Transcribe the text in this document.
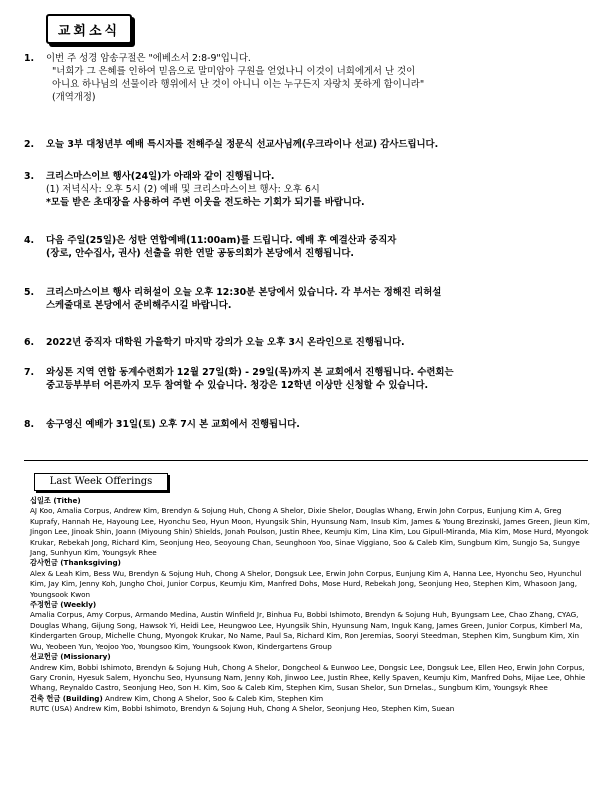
교회소식
1. 이번 주 성경 암송구절은 "에베소서 2:8-9"입니다.
"너희가 그 은혜를 인하여 믿음으로 말미암아 구원을 얻었나니 이것이 너희에게서 난 것이
아니요 하나님의 선물이라 행위에서 난 것이 아니니 이는 누구든지 자랑치 못하게 함이니라"
(개역개정)
2. 오늘 3부 대청년부 예배 특시자를 전해주실 정문식 선교사님께(우크라이나 선교) 감사드립니다.
3. 크리스마스이브 행사(24일)가 아래와 같이 진행됩니다.
(1) 저녁식사: 오후 5시 (2) 예배 및 크리스마스이브 행사: 오후 6시
*모들 받은 초대장을 사용하여 주변 이웃을 전도하는 기회가 되기를 바랍니다.
4. 다음 주일(25일)은 성탄 연합예배(11:00am)를 드립니다. 예배 후 예결산과 중직자
(장로, 안수집사, 권사) 선출을 위한 연말 공동의회가 본당에서 진행됩니다.
5. 크리스마스이브 행사 리허설이 오늘 오후 12:30분 본당에서 있습니다. 각 부서는 정해진 리허설
스케줄대로 본당에서 준비해주시길 바랍니다.
6. 2022년 중직자 대학원 가을학기 마지막 강의가 오늘 오후 3시 온라인으로 진행됩니다.
7. 와싱톤 지역 연합 동계수련회가 12월 27일(화) - 29일(목)까지 본 교회에서 진행됩니다. 수련회는
중고등부부터 어른까지 모두 참여할 수 있습니다. 청강은 12학년 이상만 신청할 수 있습니다.
8. 송구영신 예배가 31일(토) 오후 7시 본 교회에서 진행됩니다.
Last Week Offerings
십일조 (Tithe)
AJ Koo, Amalia Corpus, Andrew Kim, Brendyn & Sojung Huh, Chong A Shelor, Dixie Shelor, Douglas Whang, Erwin John Corpus, Eunjung Kim A, Greg Kuprafy, Hannah He, Hayoung Lee, Hyonchu Seo, Hyun Moon, Hyungsik Shin, Hyunsung Nam, Insub Kim, James & Young Brezinski, James Green, Jieun Kim, Jingon Lee, Jinoak Shin, Joann (Miyoung Shin) Shields, Jonah Poulson, Justin Rhee, Keumju Kim, Lina Kim, Lou Gipull-Miranda, Mia Kim, Mose Hurd, Myongok Krukar, Rebekah Jong, Richard Kim, Seonjung Heo, Seoyoung Chan, Seunghoon Yoo, Sinae Viggiano, Soo & Caleb Kim, Sungbum Kim, Sungjo Sa, Sungye Jang, Sunhyun Kim, Youngsyk Rhee
감사헌금 (Thanksgiving)
Alex & Leah Kim, Bess Wu, Brendyn & Sojung Huh, Chong A Shelor, Dongsuk Lee, Erwin John Corpus, Eunjung Kim A, Hanna Lee, Hyonchu Seo, Hyunchul Kim, Jay Kim, Jenny Koh, Jungho Choi, Junior Corpus, Keumju Kim, Manfred Dohs, Mose Hurd, Rebekah Jong, Seonjung Heo, Stephen Kim, Whasoon Jang, Youngsook Kwon
주정헌금 (Weekly)
Amalia Corpus, Amy Corpus, Armando Medina, Austin Winfield Jr, Binhua Fu, Bobbi Ishimoto, Brendyn & Sojung Huh, Byungsam Lee, Chao Zhang, CYAG, Douglas Whang, Gijung Song, Hawsok Yi, Heidi Lee, Heungwoo Lee, Hyungsik Shin, Hyunsung Nam, Inguk Kang, James Green, Junior Corpus, Kimberl Ma, Kindergarten Group, Michelle Chung, Myongok Krukar, No Name, Paul Sa, Richard Kim, Ron Jeremias, Sooryi Steedman, Stephen Kim, Sungbum Kim, Xin Wu, Yeobeen Yun, Yeojoo Yoo, Youngsoo Kim, Youngsook Kwon, Kindergartens Group
선교헌금 (Missionary)
Andrew Kim, Bobbi Ishimoto, Brendyn & Sojung Huh, Chong A Shelor, Dongcheol & Eunwoo Lee, Dongsic Lee, Dongsuk Lee, Ellen Heo, Erwin John Corpus, Gary Cronin, Hyesuk Salem, Hyonchu Seo, Hyunsung Nam, Jenny Koh, Jinwoo Lee, Justin Rhee, Kelly Spaven, Keumju Kim, Manfred Dohs, Mijae Lee, Ohhie Whang, Reynaldo Castro, Seonjung Heo, Son H. Kim, Soo & Caleb Kim, Stephen Kim, Susan Shelor, Sun Drnelas., Sungbum Kim, Youngsyk Rhee
건축 헌금 (Building) Andrew Kim, Chong A Shelor, Soo & Caleb Kim, Stephen Kim
RUTC (USA) Andrew Kim, Bobbi Ishimoto, Brendyn & Sojung Huh, Chong A Shelor, Seonjung Heo, Stephen Kim, Suean
